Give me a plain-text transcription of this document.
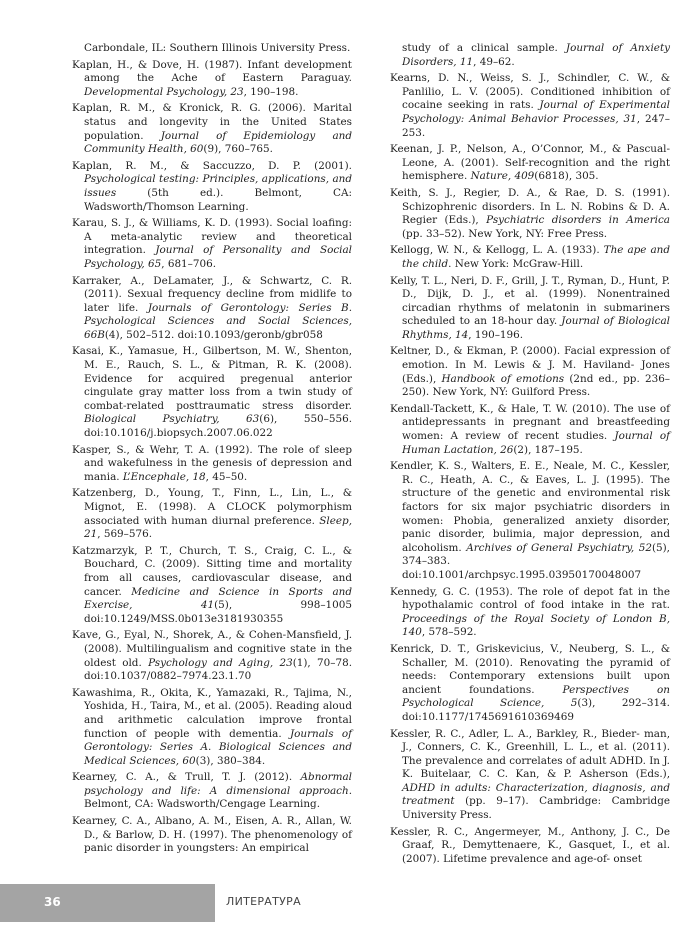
Carbondale, IL: Southern Illinois University Press.

Kaplan, H., & Dove, H. (1987). Infant development among the Ache of Eastern Paraguay. Developmental Psychology, 23, 190–198.

Kaplan, R. M., & Kronick, R. G. (2006). Marital status and longevity in the United States population. Journal of Epidemiology and Community Health, 60(9), 760–765.

Kaplan, R. M., & Saccuzzo, D. P. (2001). Psychological testing: Principles, applications, and issues (5th ed.). Belmont, CA: Wadsworth/Thomson Learning.

Karau, S. J., & Williams, K. D. (1993). Social loafing: A meta-analytic review and theoretical integration. Journal of Personality and Social Psychology, 65, 681–706.

Karraker, A., DeLamater, J., & Schwartz, C. R. (2011). Sexual frequency decline from midlife to later life. Journals of Gerontology: Series B. Psychological Sciences and Social Sciences, 66B(4), 502–512. doi:10.1093/geronb/gbr058

Kasai, K., Yamasue, H., Gilbertson, M. W., Shenton, M. E., Rauch, S. L., & Pitman, R. K. (2008). Evidence for acquired pregenual anterior cingulate gray matter loss from a twin study of combat-related posttraumatic stress disorder. Biological Psychiatry, 63(6), 550–556. doi:10.1016/j.biopsych.2007.06.022

Kasper, S., & Wehr, T. A. (1992). The role of sleep and wakefulness in the genesis of depression and mania. L’Encephale, 18, 45–50.

Katzenberg, D., Young, T., Finn, L., Lin, L., & Mignot, E. (1998). A CLOCK polymorphism associated with human diurnal preference. Sleep, 21, 569–576.

Katzmarzyk, P. T., Church, T. S., Craig, C. L., & Bouchard, C. (2009). Sitting time and mortality from all causes, cardiovascular disease, and cancer. Medicine and Science in Sports and Exercise, 41(5), 998–1005 doi:10.1249/MSS.0b013e3181930355

Kave, G., Eyal, N., Shorek, A., & Cohen-Mansfield, J. (2008). Multilingualism and cognitive state in the oldest old. Psychology and Aging, 23(1), 70–78. doi:10.1037/0882–7974.23.1.70

Kawashima, R., Okita, K., Yamazaki, R., Tajima, N., Yoshida, H., Taira, M., et al. (2005). Reading aloud and arithmetic calculation improve frontal function of people with dementia. Journals of Gerontology: Series A. Biological Sciences and Medical Sciences, 60(3), 380–384.

Kearney, C. A., & Trull, T. J. (2012). Abnormal psychology and life: A dimensional approach. Belmont, CA: Wadsworth/Cengage Learning.

Kearney, C. A., Albano, A. M., Eisen, A. R., Allan, W. D., & Barlow, D. H. (1997). The phenomenology of panic disorder in youngsters: An empirical

study of a clinical sample. Journal of Anxiety Disorders, 11, 49–62.

Kearns, D. N., Weiss, S. J., Schindler, C. W., & Panlilio, L. V. (2005). Conditioned inhibition of cocaine seeking in rats. Journal of Experimental Psychology: Animal Behavior Processes, 31, 247–253.

Keenan, J. P., Nelson, A., O’Connor, M., & Pascual-Leone, A. (2001). Self-recognition and the right hemisphere. Nature, 409(6818), 305.

Keith, S. J., Regier, D. A., & Rae, D. S. (1991). Schizophrenic disorders. In L. N. Robins & D. A. Regier (Eds.), Psychiatric disorders in America (pp. 33–52). New York, NY: Free Press.

Kellogg, W. N., & Kellogg, L. A. (1933). The ape and the child. New York: McGraw-Hill.

Kelly, T. L., Neri, D. F., Grill, J. T., Ryman, D., Hunt, P. D., Dijk, D. J., et al. (1999). Nonentrained circadian rhythms of melatonin in submariners scheduled to an 18-hour day. Journal of Biological Rhythms, 14, 190–196.

Keltner, D., & Ekman, P. (2000). Facial expression of emotion. In M. Lewis & J. M. Haviland- Jones (Eds.), Handbook of emotions (2nd ed., pp. 236–250). New York, NY: Guilford Press.

Kendall-Tackett, K., & Hale, T. W. (2010). The use of antidepressants in pregnant and breastfeeding women: A review of recent studies. Journal of Human Lactation, 26(2), 187–195.

Kendler, K. S., Walters, E. E., Neale, M. C., Kessler, R. C., Heath, A. C., & Eaves, L. J. (1995). The structure of the genetic and environmental risk factors for six major psychiatric disorders in women: Phobia, generalized anxiety disorder, panic disorder, bulimia, major depression, and alcoholism. Archives of General Psychiatry, 52(5), 374–383. doi:10.1001/archpsyc.1995.03950170048007

Kennedy, G. C. (1953). The role of depot fat in the hypothalamic control of food intake in the rat. Proceedings of the Royal Society of London B, 140, 578–592.

Kenrick, D. T., Griskevicius, V., Neuberg, S. L., & Schaller, M. (2010). Renovating the pyramid of needs: Contemporary extensions built upon ancient foundations. Perspectives on Psychological Science, 5(3), 292–314. doi:10.1177/1745691610369469

Kessler, R. C., Adler, L. A., Barkley, R., Bieder- man, J., Conners, C. K., Greenhill, L. L., et al. (2011). The prevalence and correlates of adult ADHD. In J. K. Buitelaar, C. C. Kan, & P. Asherson (Eds.), ADHD in adults: Characterization, diagnosis, and treatment (pp. 9–17). Cambridge: Cambridge University Press.

Kessler, R. C., Angermeyer, M., Anthony, J. C., De Graaf, R., Demyttenaere, K., Gasquet, I., et al. (2007). Lifetime prevalence and age-of- onset

36	ЛИТЕРАТУРА
